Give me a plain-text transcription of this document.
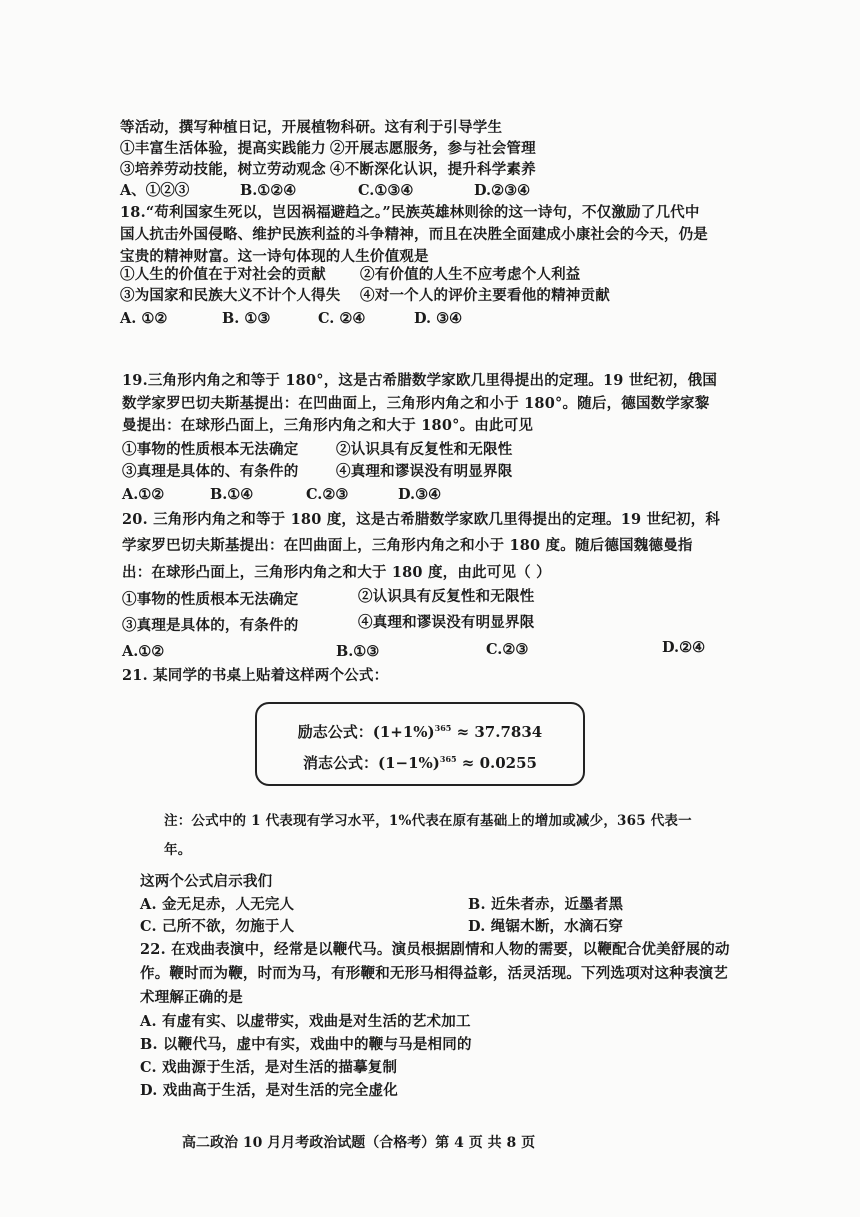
等活动，撰写种植日记，开展植物科研。这有利于引导学生
①丰富生活体验，提高实践能力 ②开展志愿服务，参与社会管理
③培养劳动技能，树立劳动观念 ④不断深化认识，提升科学素养
A、①②③	B.①②④	C.①③④	D.②③④
18.“苟利国家生死以，岂因祸福避趋之。”民族英雄林则徐的这一诗句，不仅激励了几代中
国人抗击外国侵略、维护民族利益的斗争精神，而且在决胜全面建成小康社会的今天，仍是
宝贵的精神财富。这一诗句体现的人生价值观是
①人生的价值在于对社会的贡献 ②有价值的人生不应考虑个人利益
③为国家和民族大义不计个人得失 ④对一个人的评价主要看他的精神贡献
A. ①②	B. ①③	C. ②④	D. ③④
19.三角形内角之和等于 180°，这是古希腊数学家欧几里得提出的定理。19 世纪初，俄国
数学家罗巴切夫斯基提出：在凹曲面上，三角形内角之和小于 180°。随后，德国数学家黎
曼提出：在球形凸面上，三角形内角之和大于 180°。由此可见
①事物的性质根本无法确定	②认识具有反复性和无限性
③真理是具体的、有条件的	④真理和谬误没有明显界限
A.①②	B.①④	C.②③	D.③④
20. 三角形内角之和等于 180 度，这是古希腊数学家欧几里得提出的定理。19 世纪初，科
学家罗巴切夫斯基提出：在凹曲面上，三角形内角之和小于 180 度。随后德国魏德曼指
出：在球形凸面上，三角形内角之和大于 180 度，由此可见（ ）
①事物的性质根本无法确定	②认识具有反复性和无限性
③真理是具体的，有条件的	④真理和谬误没有明显界限
A.①②	B.①③	C.②③	D.②④
21. 某同学的书桌上贴着这样两个公式：
励志公式：$(1+1\%)^{365} \approx 37.7834$
消志公式：$(1-1\%)^{365} \approx 0.0255$
注：公式中的 1 代表现有学习水平，1%代表在原有基础上的增加或减少，365 代表一
年。
这两个公式启示我们
A. 金无足赤，人无完人	B. 近朱者赤，近墨者黑
C. 己所不欲，勿施于人	D. 绳锯木断，水滴石穿
22. 在戏曲表演中，经常是以鞭代马。演员根据剧情和人物的需要，以鞭配合优美舒展的动
作。鞭时而为鞭，时而为马，有形鞭和无形马相得益彰，活灵活现。下列选项对这种表演艺
术理解正确的是
A. 有虚有实、以虚带实，戏曲是对生活的艺术加工
B. 以鞭代马，虚中有实，戏曲中的鞭与马是相同的
C. 戏曲源于生活，是对生活的描摹复制
D. 戏曲高于生活，是对生活的完全虚化
高二政治 10 月月考政治试题（合格考）第 4 页 共 8 页
